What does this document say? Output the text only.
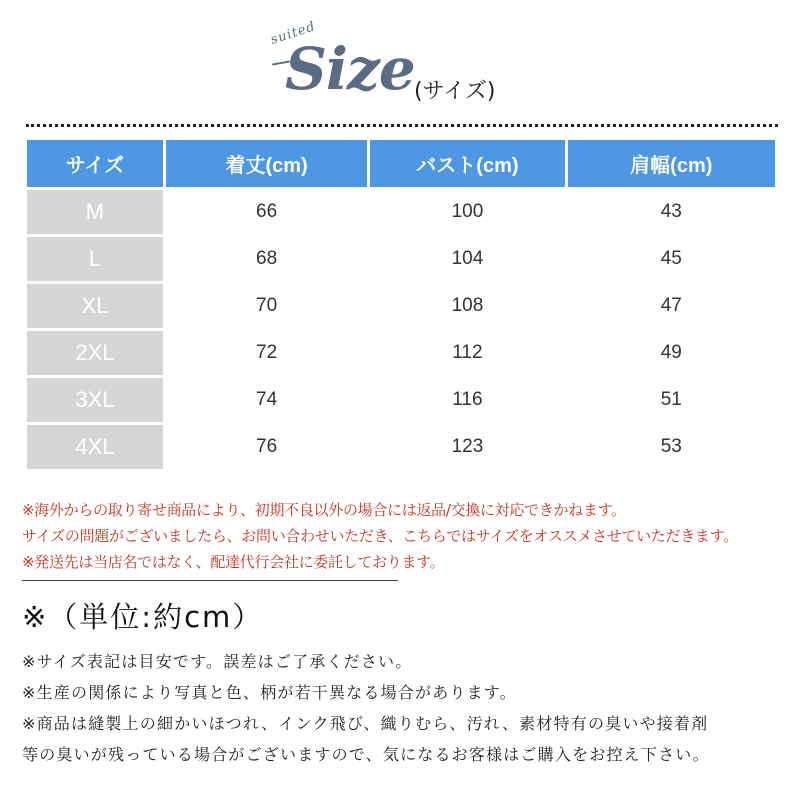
suited
Size (サイズ)
サイズ	着丈(cm)	バスト(cm)	肩幅(cm)
M	66	100	43
L	68	104	45
XL	70	108	47
2XL	72	112	49
3XL	74	116	51
4XL	76	123	53
※海外からの取り寄せ商品により、初期不良以外の場合には返品/交換に対応できかねます。
サイズの問題がございましたら、お問い合わせいただき、こちらではサイズをオススメさせていただきます。
※発送先は当店名ではなく、配達代行会社に委託しております。
※（単位:約cm）
※サイズ表記は目安です。誤差はご了承ください。
※生産の関係により写真と色、柄が若干異なる場合があります。
※商品は縫製上の細かいほつれ、インク飛び、織りむら、汚れ、素材特有の臭いや接着剤
等の臭いが残っている場合がございますので、気になるお客様はご購入をお控え下さい。
